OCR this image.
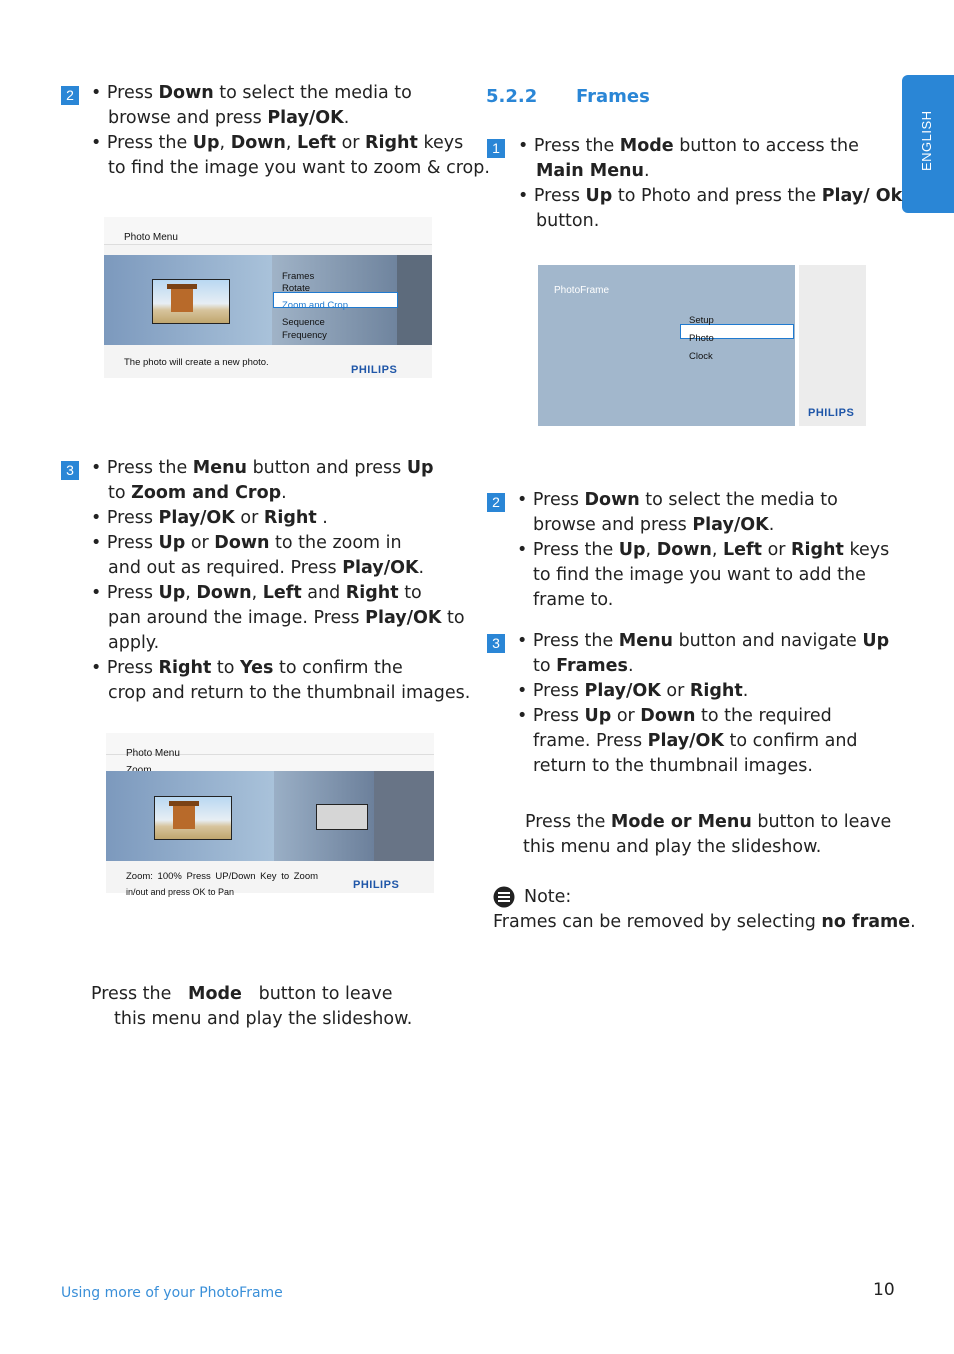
ENGLISH
2 • Press Down to select the media to
browse and press Play/OK.
• Press the Up, Down, Left or Right keys
to find the image you want to zoom & crop.
Photo Menu
Frames
Rotate
Zoom and Crop
Sequence
Frequency
The photo will create a new photo.
PHILIPS
3 • Press the Menu button and press Up
to Zoom and Crop.
• Press Play/OK or Right .
• Press Up or Down to the zoom in
and out as required. Press Play/OK.
• Press Up, Down, Left and Right to
pan around the image. Press Play/OK to
apply.
• Press Right to Yes to confirm the
crop and return to the thumbnail images.
Photo Menu
Zoom: 100% Press UP/Down Key to Zoom
in/out and press OK to Pan
PHILIPS
Press the   Mode   button to leave
this menu and play the slideshow.
5.2.2 Frames
1 • Press the Mode button to access the
Main Menu.
• Press Up to Photo and press the Play/ Ok
button.
PhotoFrame
Setup
Photo
Clock
PHILIPS
2 • Press Down to select the media to
browse and press Play/OK.
• Press the Up, Down, Left or Right keys
to find the image you want to add the
frame to.
3 • Press the Menu button and navigate Up
to Frames.
• Press Play/OK or Right.
• Press Up or Down to the required
frame. Press Play/OK to confirm and
return to the thumbnail images.
Press the Mode or Menu button to leave
this menu and play the slideshow.
Note:
Frames can be removed by selecting no frame.
Using more of your PhotoFrame	10
